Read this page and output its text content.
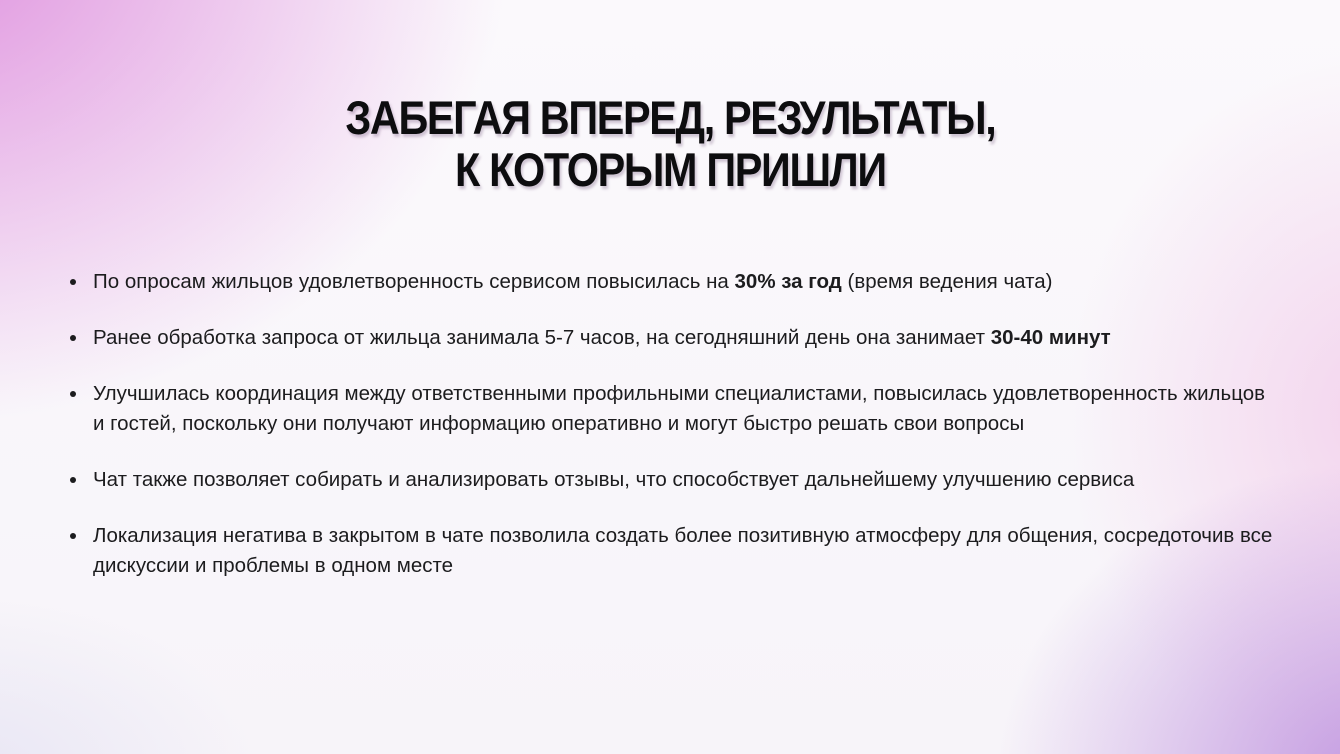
ЗАБЕГАЯ ВПЕРЕД, РЕЗУЛЬТАТЫ,
К КОТОРЫМ ПРИШЛИ

По опросам жильцов удовлетворенность сервисом повысилась на 30% за год (время ведения чата)

Ранее обработка запроса от жильца занимала 5-7 часов, на сегодняшний день она занимает 30-40 минут

Улучшилась координация между ответственными профильными специалистами, повысилась удовлетворенность жильцов и гостей, поскольку они получают информацию оперативно и могут быстро решать свои вопросы

Чат также позволяет собирать и анализировать отзывы, что способствует дальнейшему улучшению сервиса

Локализация негатива в закрытом в чате позволила создать более позитивную атмосферу для общения, сосредоточив все дискуссии и проблемы в одном месте
